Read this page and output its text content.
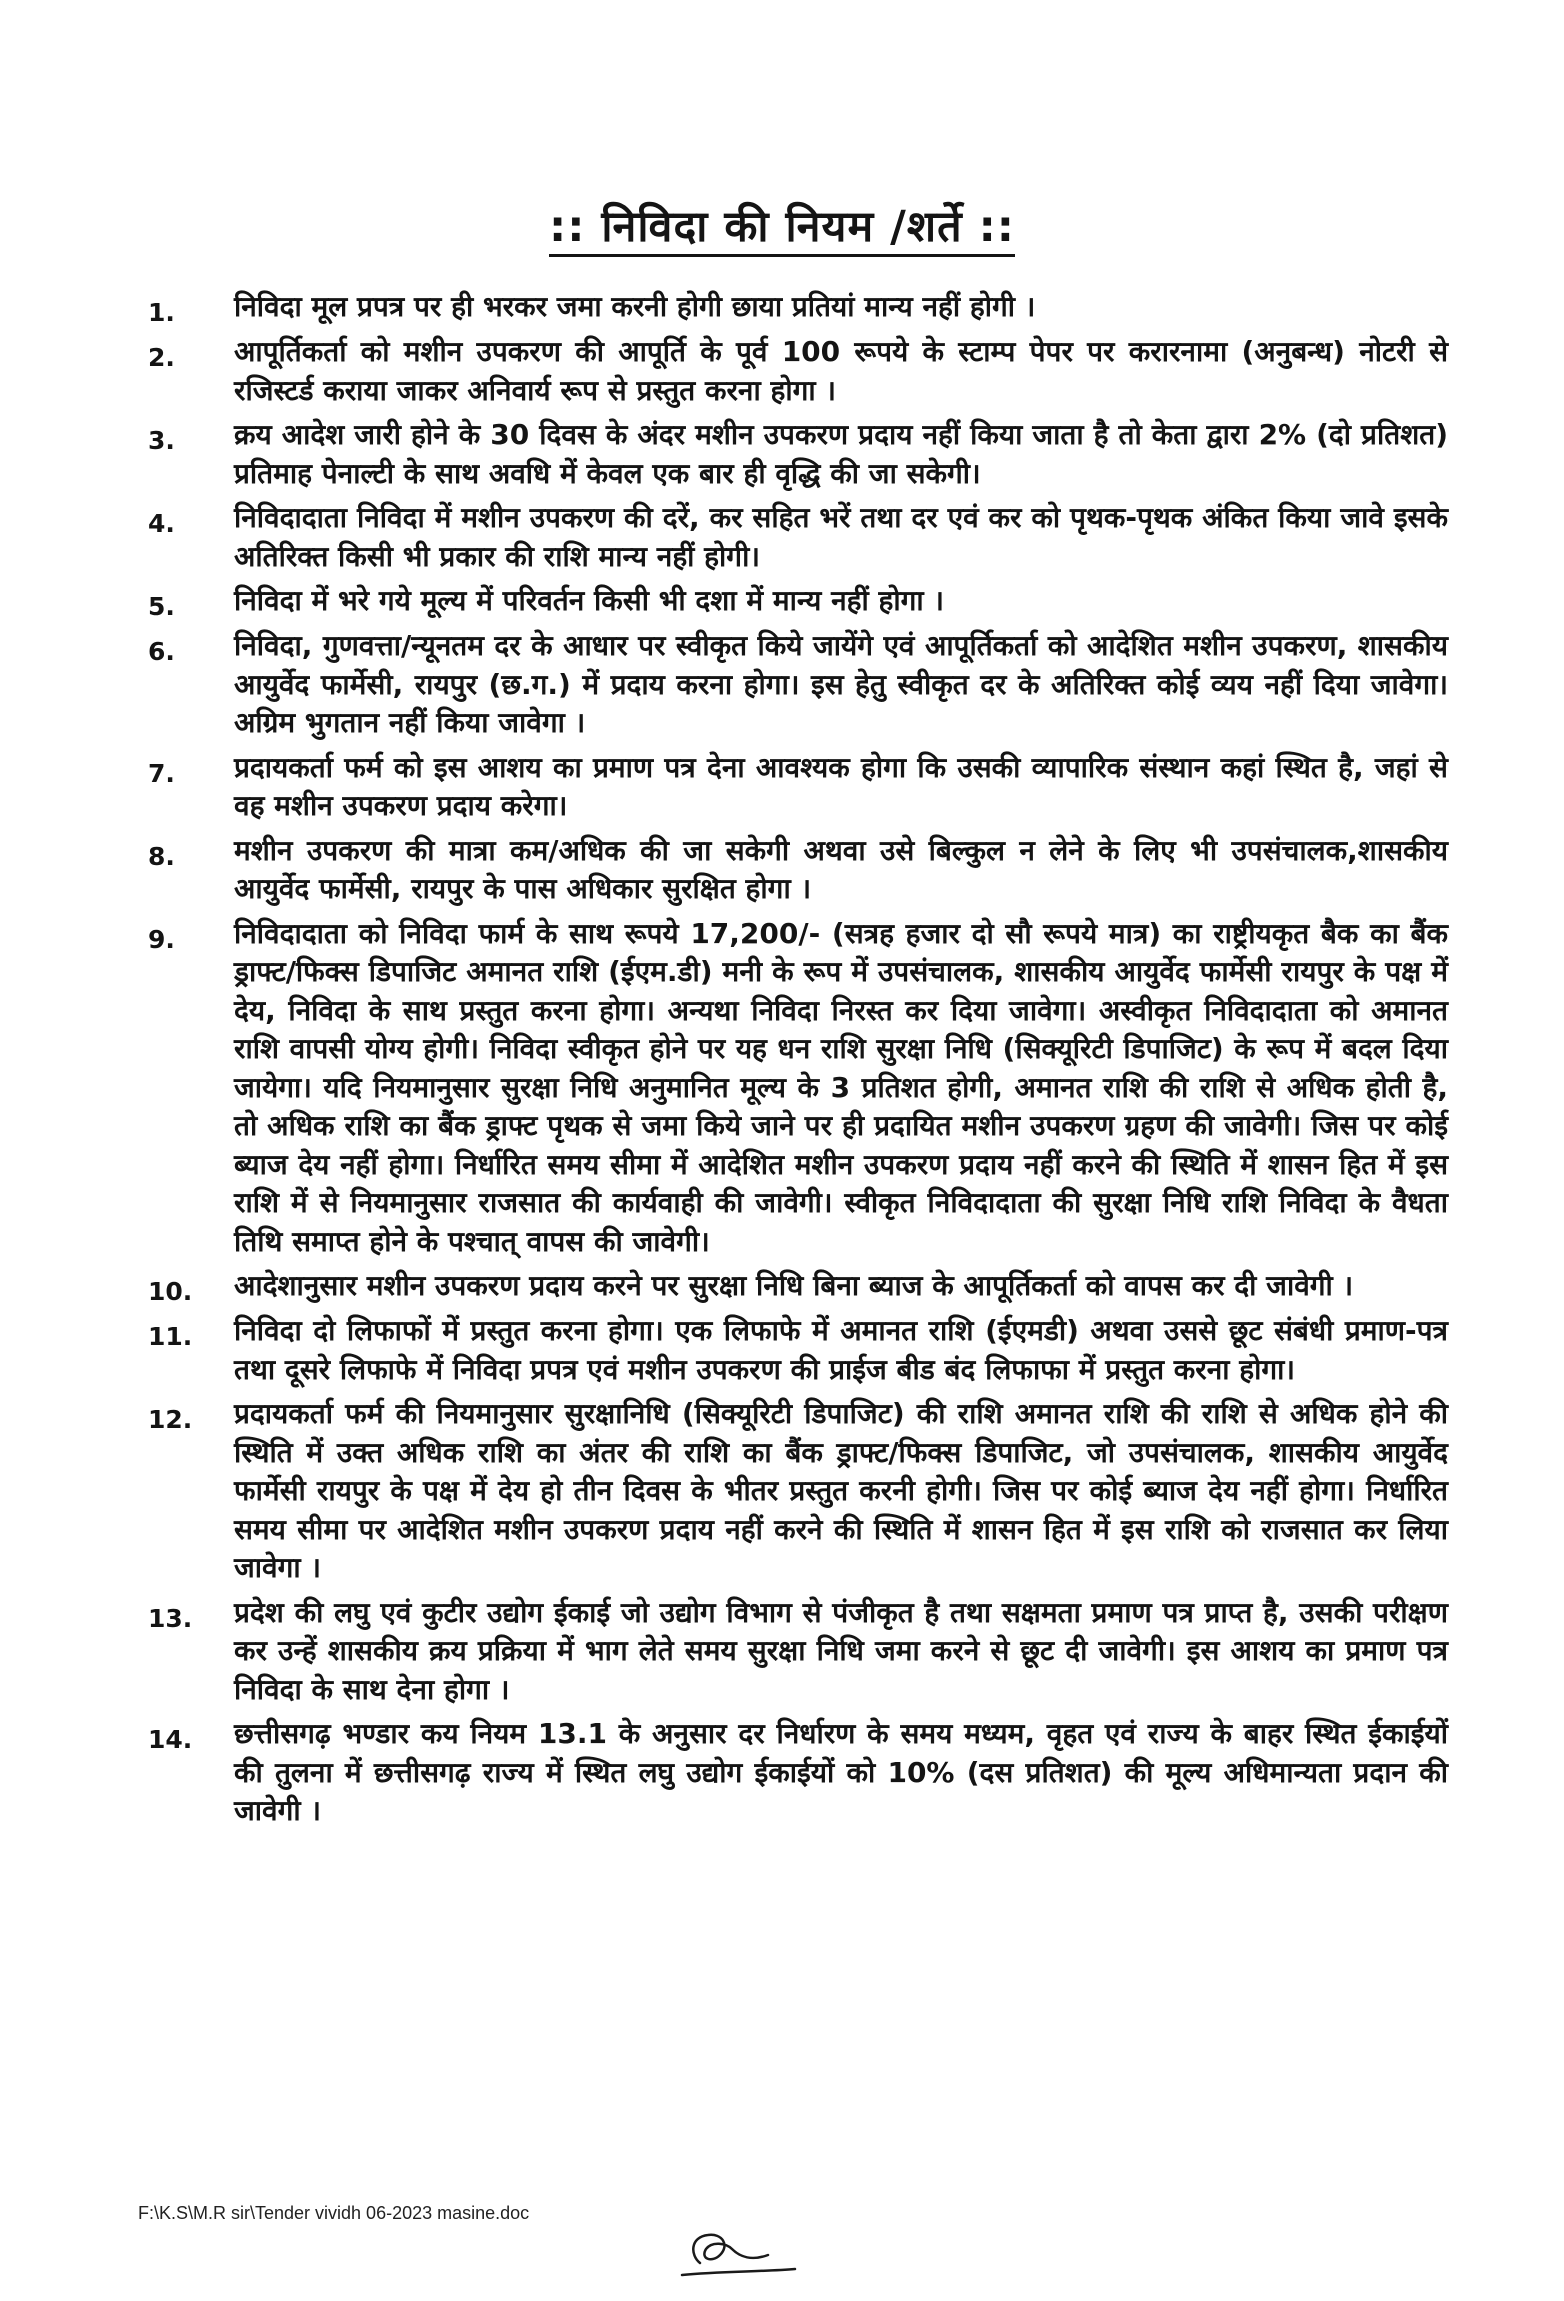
:: निविदा की नियम /शर्ते ::
1.	निविदा मूल प्रपत्र पर ही भरकर जमा करनी होगी छाया प्रतियां मान्य नहीं होगी ।
2.	आपूर्तिकर्ता को मशीन उपकरण की आपूर्ति के पूर्व 100 रूपये के स्टाम्प पेपर पर करारनामा (अनुबन्ध) नोटरी से रजिस्टर्ड कराया जाकर अनिवार्य रूप से प्रस्तुत करना होगा ।
3.	क्रय आदेश जारी होने के 30 दिवस के अंदर मशीन उपकरण प्रदाय नहीं किया जाता है तो केता द्वारा 2% (दो प्रतिशत) प्रतिमाह पेनाल्टी के साथ अवधि में केवल एक बार ही वृद्धि की जा सकेगी।
4.	निविदादाता निविदा में मशीन उपकरण की दरें, कर सहित भरें तथा दर एवं कर को पृथक-पृथक अंकित किया जावे इसके अतिरिक्त किसी भी प्रकार की राशि मान्य नहीं होगी।
5.	निविदा में भरे गये मूल्य में परिवर्तन किसी भी दशा में मान्य नहीं होगा ।
6.	निविदा, गुणवत्ता/न्यूनतम दर के आधार पर स्वीकृत किये जायेंगे एवं आपूर्तिकर्ता को आदेशित मशीन उपकरण, शासकीय आयुर्वेद फार्मेसी, रायपुर (छ.ग.) में प्रदाय करना होगा। इस हेतु स्वीकृत दर के अतिरिक्त कोई व्यय नहीं दिया जावेगा। अग्रिम भुगतान नहीं किया जावेगा ।
7.	प्रदायकर्ता फर्म को इस आशय का प्रमाण पत्र देना आवश्यक होगा कि उसकी व्यापारिक संस्थान कहां स्थित है, जहां से वह मशीन उपकरण प्रदाय करेगा।
8.	मशीन उपकरण की मात्रा कम/अधिक की जा सकेगी अथवा उसे बिल्कुल न लेने के लिए भी उपसंचालक,शासकीय आयुर्वेद फार्मेसी, रायपुर के पास अधिकार सुरक्षित होगा ।
9.	निविदादाता को निविदा फार्म के साथ रूपये 17,200/- (सत्रह हजार दो सौ रूपये मात्र) का राष्ट्रीयकृत बैक का बैंक ड्राफ्ट/फिक्स डिपाजिट अमानत राशि (ईएम.डी) मनी के रूप में उपसंचालक, शासकीय आयुर्वेद फार्मेसी रायपुर के पक्ष में देय, निविदा के साथ प्रस्तुत करना होगा। अन्यथा निविदा निरस्त कर दिया जावेगा। अस्वीकृत निविदादाता को अमानत राशि वापसी योग्य होगी। निविदा स्वीकृत होने पर यह धन राशि सुरक्षा निधि (सिक्यूरिटी डिपाजिट) के रूप में बदल दिया जायेगा। यदि नियमानुसार सुरक्षा निधि अनुमानित मूल्य के 3 प्रतिशत होगी, अमानत राशि की राशि से अधिक होती है, तो अधिक राशि का बैंक ड्राफ्ट पृथक से जमा किये जाने पर ही प्रदायित मशीन उपकरण ग्रहण की जावेगी। जिस पर कोई ब्याज देय नहीं होगा। निर्धारित समय सीमा में आदेशित मशीन उपकरण प्रदाय नहीं करने की स्थिति में शासन हित में इस राशि में से नियमानुसार राजसात की कार्यवाही की जावेगी। स्वीकृत निविदादाता की सुरक्षा निधि राशि निविदा के वैधता तिथि समाप्त होने के पश्चात् वापस की जावेगी।
10.	आदेशानुसार मशीन उपकरण प्रदाय करने पर सुरक्षा निधि बिना ब्याज के आपूर्तिकर्ता को वापस कर दी जावेगी ।
11.	निविदा दो लिफाफों में प्रस्तुत करना होगा। एक लिफाफे में अमानत राशि (ईएमडी) अथवा उससे छूट संबंधी प्रमाण-पत्र तथा दूसरे लिफाफे में निविदा प्रपत्र एवं मशीन उपकरण की प्राईज बीड बंद लिफाफा में प्रस्तुत करना होगा।
12.	प्रदायकर्ता फर्म की नियमानुसार सुरक्षानिधि (सिक्यूरिटी डिपाजिट) की राशि अमानत राशि की राशि से अधिक होने की स्थिति में उक्त अधिक राशि का अंतर की राशि का बैंक ड्राफ्ट/फिक्स डिपाजिट, जो उपसंचालक, शासकीय आयुर्वेद फार्मेसी रायपुर के पक्ष में देय हो तीन दिवस के भीतर प्रस्तुत करनी होगी। जिस पर कोई ब्याज देय नहीं होगा। निर्धारित समय सीमा पर आदेशित मशीन उपकरण प्रदाय नहीं करने की स्थिति में शासन हित में इस राशि को राजसात कर लिया जावेगा ।
13.	प्रदेश की लघु एवं कुटीर उद्योग ईकाई जो उद्योग विभाग से पंजीकृत है तथा सक्षमता प्रमाण पत्र प्राप्त है, उसकी परीक्षण कर उन्हें शासकीय क्रय प्रक्रिया में भाग लेते समय सुरक्षा निधि जमा करने से छूट दी जावेगी। इस आशय का प्रमाण पत्र निविदा के साथ देना होगा ।
14.	छत्तीसगढ़ भण्डार कय नियम 13.1 के अनुसार दर निर्धारण के समय मध्यम, वृहत एवं राज्य के बाहर स्थित ईकाईयों की तुलना में छत्तीसगढ़ राज्य में स्थित लघु उद्योग ईकाईयों को 10% (दस प्रतिशत) की मूल्य अधिमान्यता प्रदान की जावेगी ।
F:\K.S\M.R sir\Tender vividh 06-2023 masine.doc
